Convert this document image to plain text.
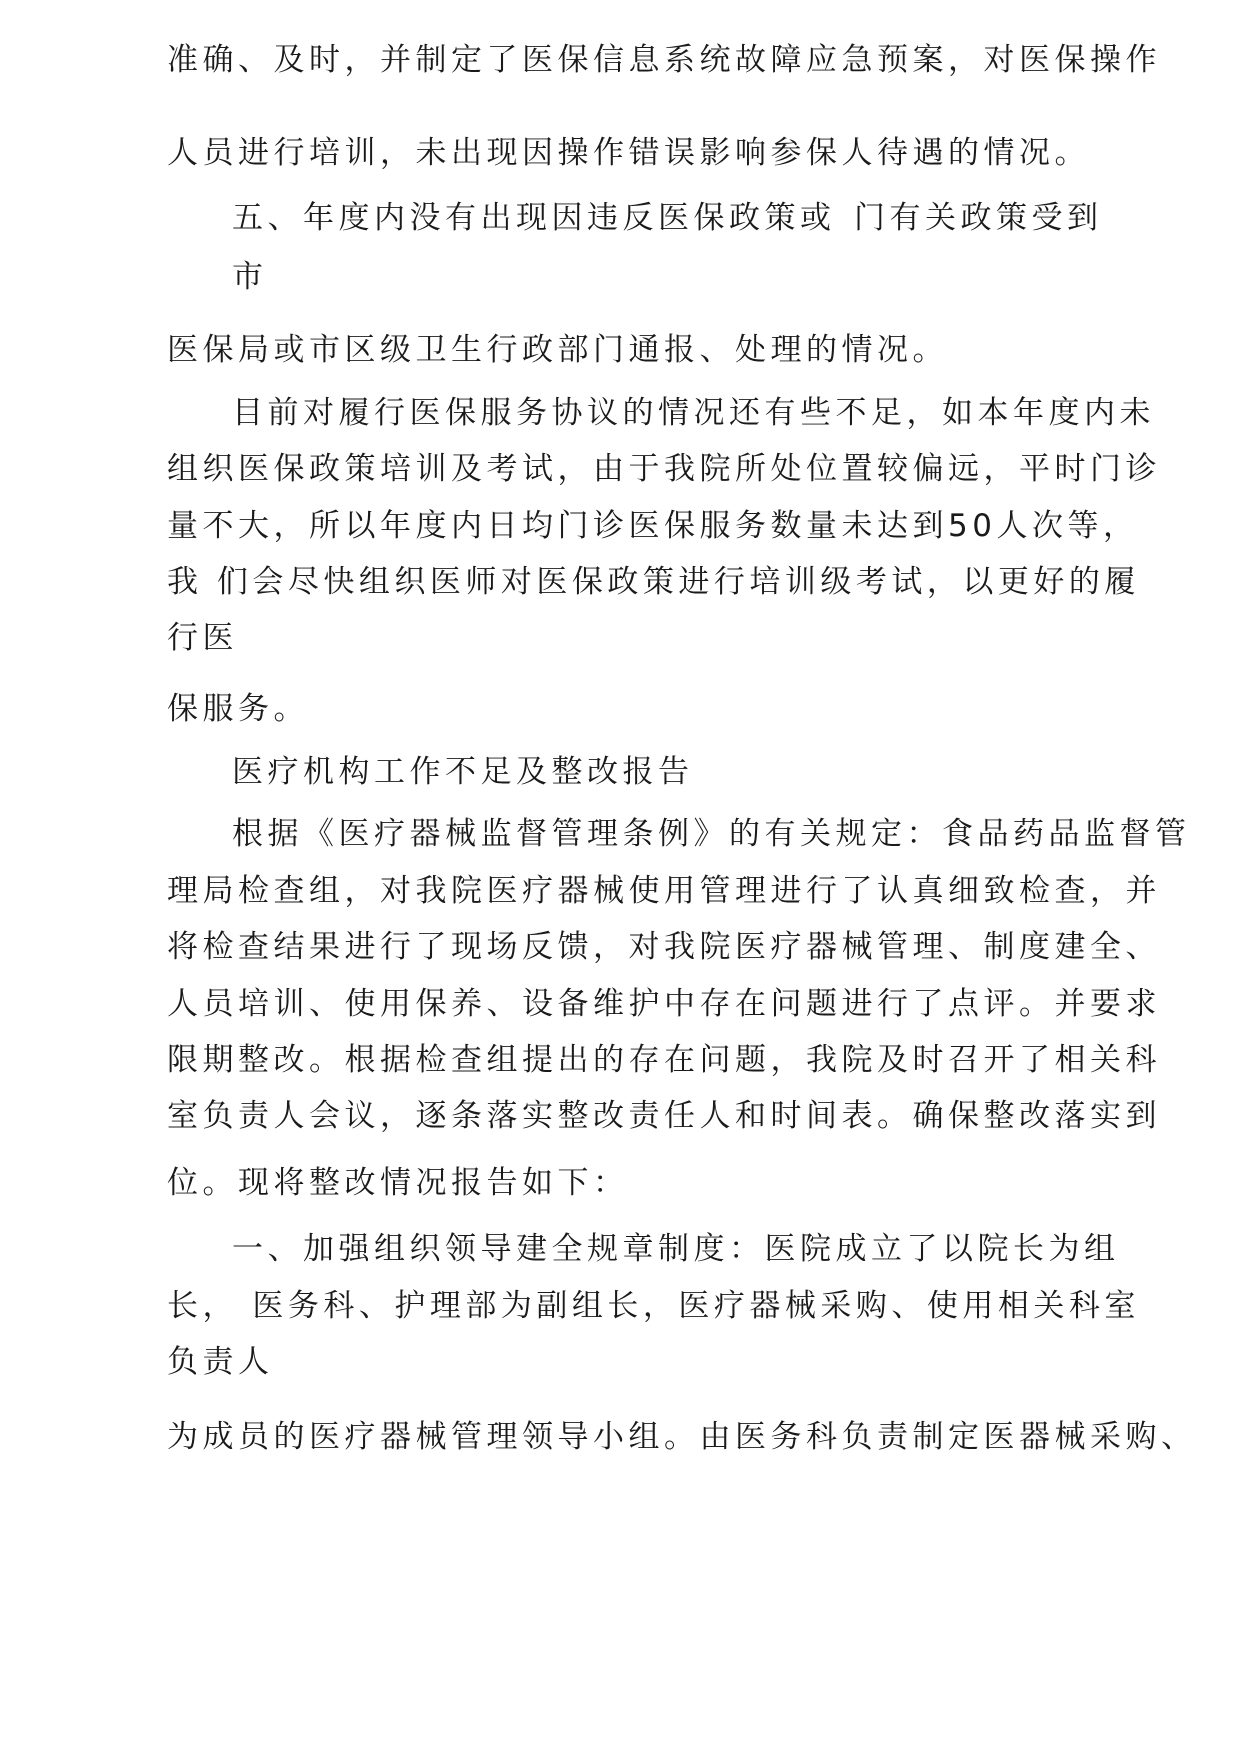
准确、及时，并制定了医保信息系统故障应急预案，对医保操作

人员进行培训，未出现因操作错误影响参保人待遇的情况。

五、年度内没有出现因违反医保政策或 门有关政策受到

市

医保局或市区级卫生行政部门通报、处理的情况。

目前对履行医保服务协议的情况还有些不足，如本年度内未

组织医保政策培训及考试，由于我院所处位置较偏远，平时门诊

量不大，所以年度内日均门诊医保服务数量未达到50人次等，

我 们会尽快组织医师对医保政策进行培训级考试，以更好的履

行医

保服务。

医疗机构工作不足及整改报告

根据《医疗器械监督管理条例》的有关规定：食品药品监督管

理局检查组，对我院医疗器械使用管理进行了认真细致检查，并

将检查结果进行了现场反馈，对我院医疗器械管理、制度建全、

人员培训、使用保养、设备维护中存在问题进行了点评。并要求

限期整改。根据检查组提出的存在问题，我院及时召开了相关科

室负责人会议，逐条落实整改责任人和时间表。确保整改落实到

位。现将整改情况报告如下：

一、加强组织领导建全规章制度：医院成立了以院长为组

长， 医务科、护理部为副组长，医疗器械采购、使用相关科室

负责人

为成员的医疗器械管理领导小组。由医务科负责制定医器械采购、
